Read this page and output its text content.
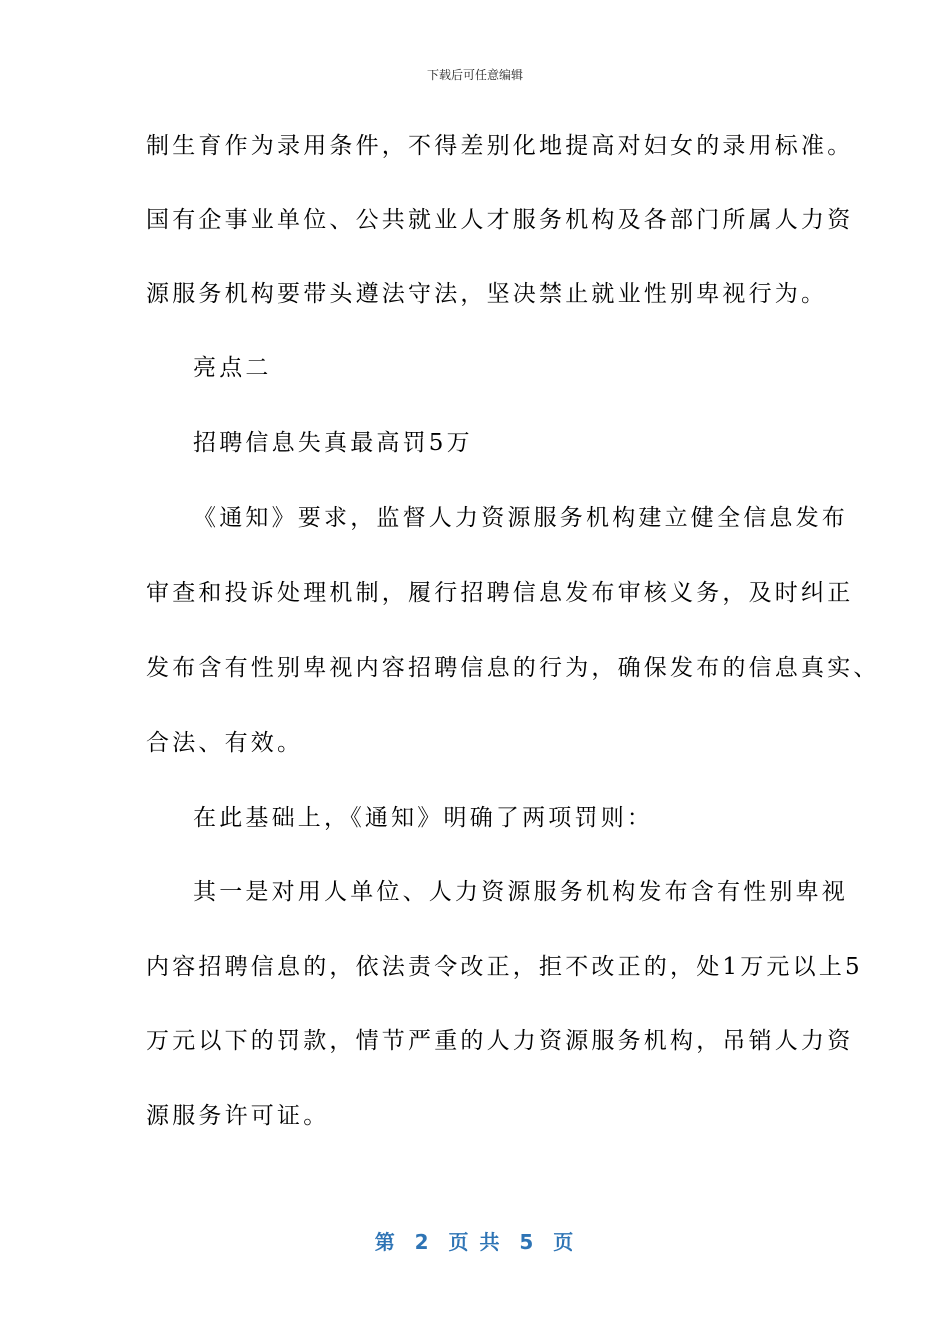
下载后可任意编辑
制生育作为录用条件，不得差别化地提高对妇女的录用标准。
国有企事业单位、公共就业人才服务机构及各部门所属人力资
源服务机构要带头遵法守法，坚决禁止就业性别卑视行为。
亮点二
招聘信息失真最高罚5万
《通知》要求，监督人力资源服务机构建立健全信息发布
审查和投诉处理机制，履行招聘信息发布审核义务，及时纠正
发布含有性别卑视内容招聘信息的行为，确保发布的信息真实、
合法、有效。
在此基础上，《通知》明确了两项罚则：
其一是对用人单位、人力资源服务机构发布含有性别卑视
内容招聘信息的，依法责令改正，拒不改正的，处1万元以上5
万元以下的罚款，情节严重的人力资源服务机构，吊销人力资
源服务许可证。
第  2  页 共  5  页
